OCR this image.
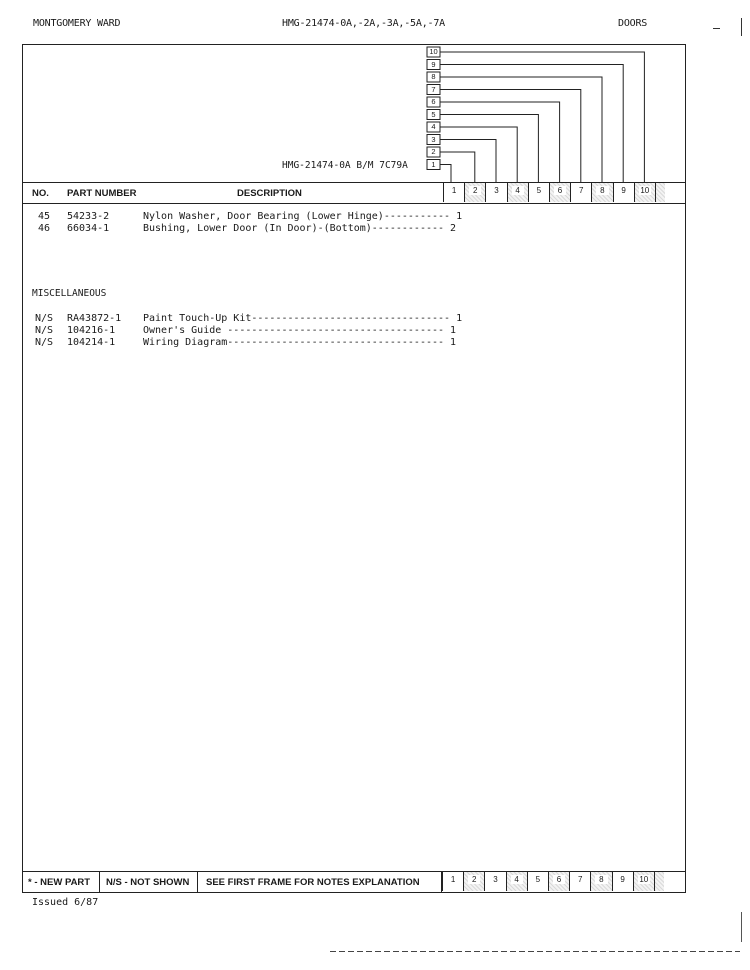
MONTGOMERY WARD	HMG-21474-0A,-2A,-3A,-5A,-7A	DOORS
10
9
8
7
6
5
4
3
2
1
HMG-21474-0A B/M 7C79A
NO. PART NUMBER	DESCRIPTION	1	2	3	4	5	6	7	8	9	10
45 54233-2	Nylon Washer, Door Bearing (Lower Hinge)----------- 1
46 66034-1	Bushing, Lower Door (In Door)-(Bottom)------------ 2
MISCELLANEOUS
N/S RA43872-1 Paint Touch-Up Kit--------------------------------- 1
N/S 104216-1	Owner's Guide ------------------------------------ 1
N/S 104214-1	Wiring Diagram------------------------------------ 1
* - NEW PART	N/S - NOT SHOWN	SEE FIRST FRAME FOR NOTES EXPLANATION	1	2	3	4	5	6	7	8	9	10
Issued 6/87
